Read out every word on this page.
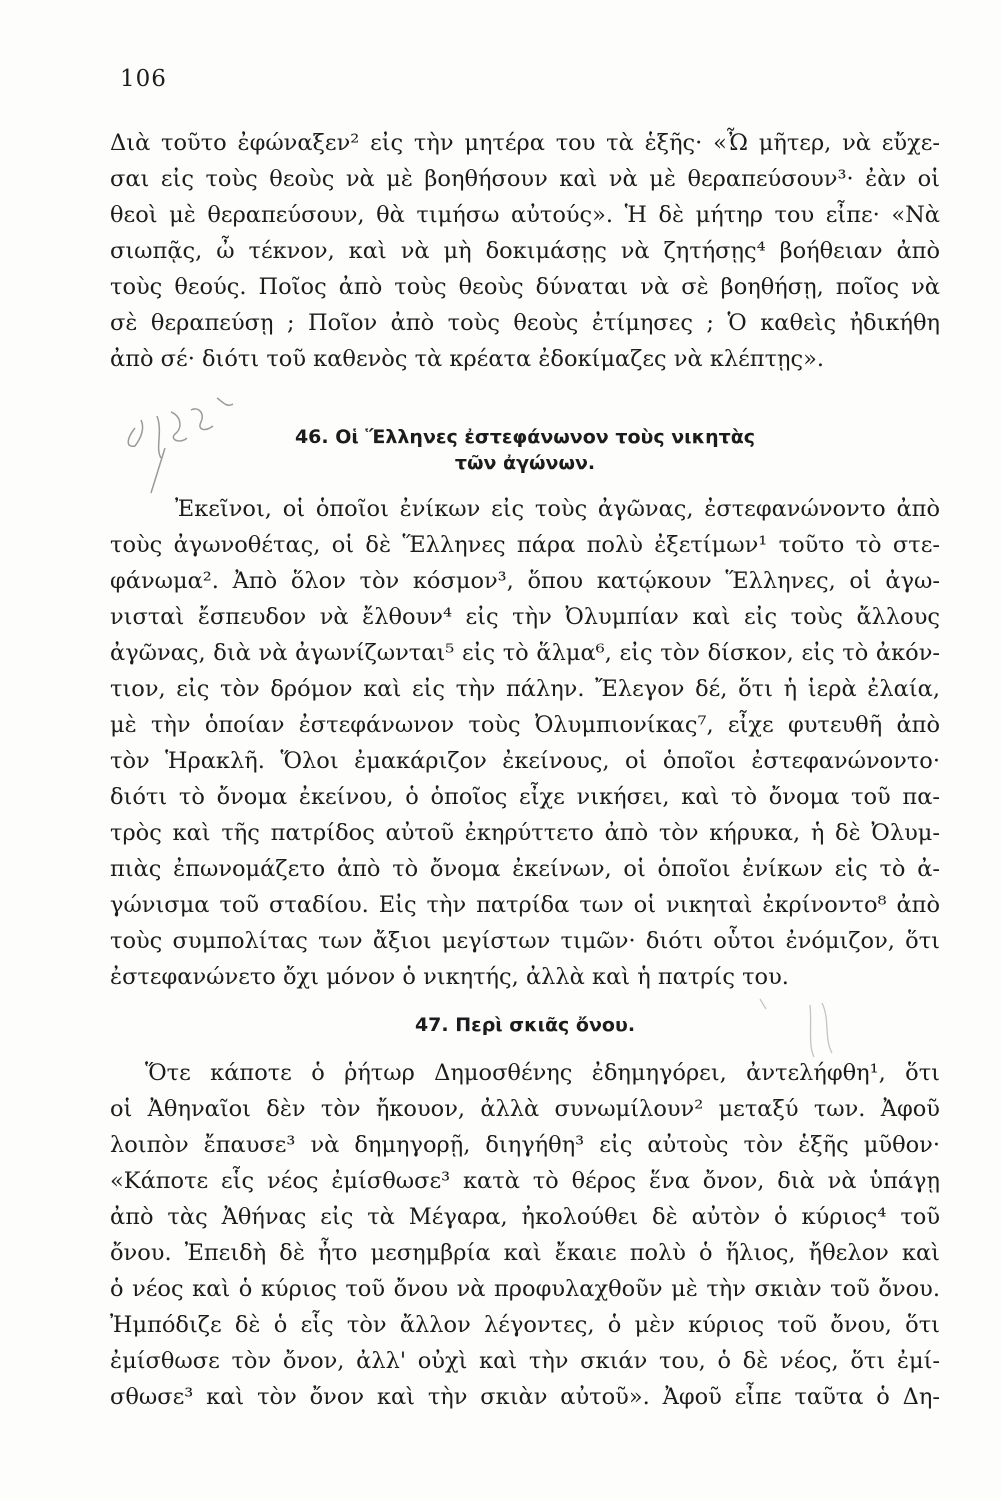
106
Διὰ τοῦτο ἐφώναξεν² εἰς τὴν μητέρα του τὰ ἑξῆς· «Ὦ μῆτερ, νὰ εὔχε-
σαι εἰς τοὺς θεοὺς νὰ μὲ βοηθήσουν καὶ νὰ μὲ θεραπεύσουν³· ἐὰν οἱ
θεοὶ μὲ θεραπεύσουν, θὰ τιμήσω αὐτούς». Ἡ δὲ μήτηρ του εἶπε· «Νὰ
σιωπᾷς, ὦ τέκνον, καὶ νὰ μὴ δοκιμάσῃς νὰ ζητήσῃς⁴ βοήθειαν ἀπὸ
τοὺς θεούς. Ποῖος ἀπὸ τοὺς θεοὺς δύναται νὰ σὲ βοηθήσῃ, ποῖος νὰ
σὲ θεραπεύσῃ ; Ποῖον ἀπὸ τοὺς θεοὺς ἐτίμησες ; Ὁ καθεὶς ἠδικήθη
ἀπὸ σέ· διότι τοῦ καθενὸς τὰ κρέατα ἐδοκίμαζες νὰ κλέπτῃς».
46. Οἱ Ἕλληνες ἐστεφάνωνον τοὺς νικητὰς
τῶν ἀγώνων.
Ἐκεῖνοι, οἱ ὁποῖοι ἐνίκων εἰς τοὺς ἀγῶνας, ἐστεφανώνοντο ἀπὸ
τοὺς ἀγωνοθέτας, οἱ δὲ Ἕλληνες πάρα πολὺ ἐξετίμων¹ τοῦτο τὸ στε-
φάνωμα². Ἀπὸ ὅλον τὸν κόσμον³, ὅπου κατῴκουν Ἕλληνες, οἱ ἀγω-
νισταὶ ἔσπευδον νὰ ἔλθουν⁴ εἰς τὴν Ὀλυμπίαν καὶ εἰς τοὺς ἄλλους
ἀγῶνας, διὰ νὰ ἀγωνίζωνται⁵ εἰς τὸ ἅλμα⁶, εἰς τὸν δίσκον, εἰς τὸ ἀκόν-
τιον, εἰς τὸν δρόμον καὶ εἰς τὴν πάλην. Ἔλεγον δέ, ὅτι ἡ ἱερὰ ἐλαία,
μὲ τὴν ὁποίαν ἐστεφάνωνον τοὺς Ὀλυμπιονίκας⁷, εἶχε φυτευθῆ ἀπὸ
τὸν Ἡρακλῆ. Ὅλοι ἐμακάριζον ἐκείνους, οἱ ὁποῖοι ἐστεφανώνοντο·
διότι τὸ ὄνομα ἐκείνου, ὁ ὁποῖος εἶχε νικήσει, καὶ τὸ ὄνομα τοῦ πα-
τρὸς καὶ τῆς πατρίδος αὐτοῦ ἐκηρύττετο ἀπὸ τὸν κήρυκα, ἡ δὲ Ὀλυμ-
πιὰς ἐπωνομάζετο ἀπὸ τὸ ὄνομα ἐκείνων, οἱ ὁποῖοι ἐνίκων εἰς τὸ ἀ-
γώνισμα τοῦ σταδίου. Εἰς τὴν πατρίδα των οἱ νικηταὶ ἐκρίνοντο⁸ ἀπὸ
τοὺς συμπολίτας των ἄξιοι μεγίστων τιμῶν· διότι οὗτοι ἐνόμιζον, ὅτι
ἐστεφανώνετο ὄχι μόνον ὁ νικητής, ἀλλὰ καὶ ἡ πατρίς του.
47. Περὶ σκιᾶς ὄνου.
Ὅτε κάποτε ὁ ῥήτωρ Δημοσθένης ἐδημηγόρει, ἀντελήφθη¹, ὅτι
οἱ Ἀθηναῖοι δὲν τὸν ἤκουον, ἀλλὰ συνωμίλουν² μεταξύ των. Ἀφοῦ
λοιπὸν ἔπαυσε³ νὰ δημηγορῇ, διηγήθη³ εἰς αὐτοὺς τὸν ἑξῆς μῦθον·
«Κάποτε εἷς νέος ἐμίσθωσε³ κατὰ τὸ θέρος ἕνα ὄνον, διὰ νὰ ὑπάγῃ
ἀπὸ τὰς Ἀθήνας εἰς τὰ Μέγαρα, ἠκολούθει δὲ αὐτὸν ὁ κύριος⁴ τοῦ
ὄνου. Ἐπειδὴ δὲ ἦτο μεσημβρία καὶ ἔκαιε πολὺ ὁ ἥλιος, ἤθελον καὶ
ὁ νέος καὶ ὁ κύριος τοῦ ὄνου νὰ προφυλαχθοῦν μὲ τὴν σκιὰν τοῦ ὄνου.
Ἠμπόδιζε δὲ ὁ εἷς τὸν ἄλλον λέγοντες, ὁ μὲν κύριος τοῦ ὄνου, ὅτι
ἐμίσθωσε τὸν ὄνον, ἀλλ' οὐχὶ καὶ τὴν σκιάν του, ὁ δὲ νέος, ὅτι ἐμί-
σθωσε³ καὶ τὸν ὄνον καὶ τὴν σκιὰν αὐτοῦ». Ἀφοῦ εἶπε ταῦτα ὁ Δη-
